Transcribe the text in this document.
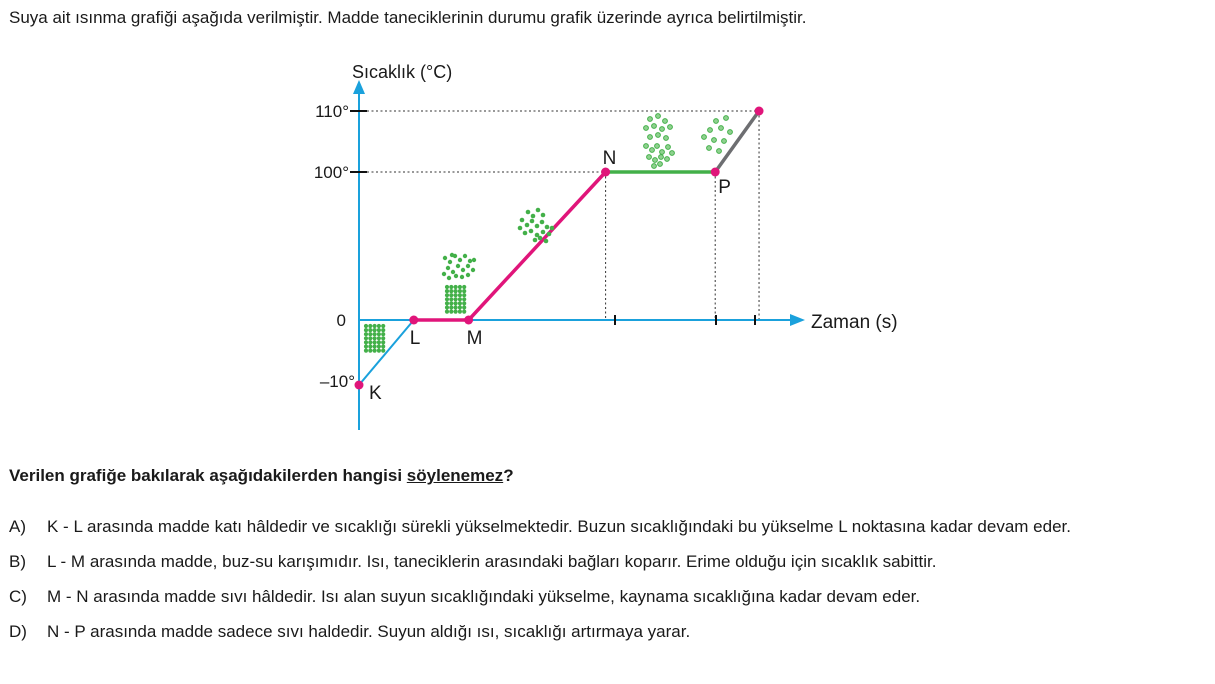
Suya ait ısınma grafiği aşağıda verilmiştir. Madde taneciklerinin durumu grafik üzerinde ayrıca belirtilmiştir.
Sıcaklık (°C)
Zaman (s)
110°
100°
0
–10°
K
L M
N
P
Verilen grafiğe bakılarak aşağıdakilerden hangisi söylenemez?
A)	K - L arasında madde katı hâldedir ve sıcaklığı sürekli yükselmektedir. Buzun sıcaklığındaki bu yükselme L noktasına kadar devam eder.
B)	L - M arasında madde, buz-su karışımıdır. Isı, taneciklerin arasındaki bağları koparır. Erime olduğu için sıcaklık sabittir.
C)	M - N arasında madde sıvı hâldedir. Isı alan suyun sıcaklığındaki yükselme, kaynama sıcaklığına kadar devam eder.
D)	N - P arasında madde sadece sıvı haldedir. Suyun aldığı ısı, sıcaklığı artırmaya yarar.
